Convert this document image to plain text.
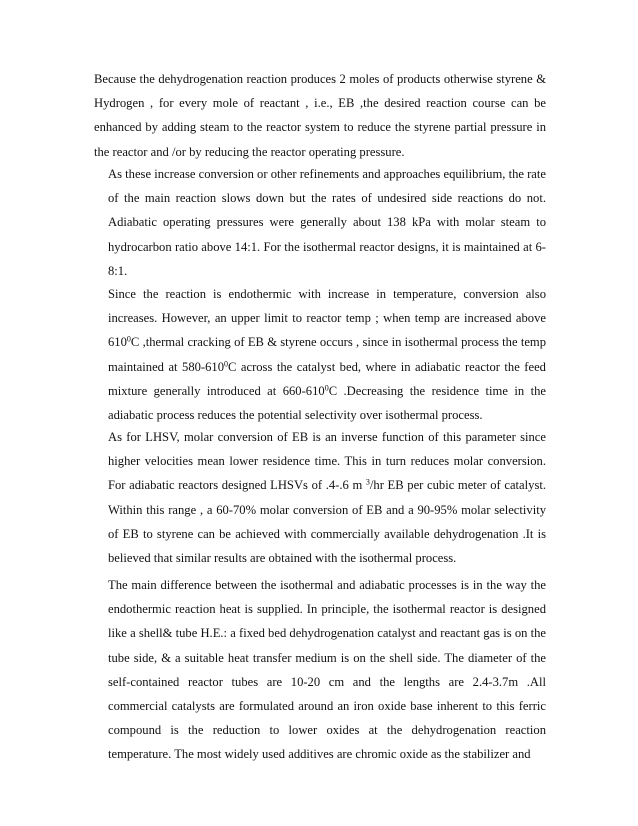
Because the dehydrogenation reaction produces 2 moles of products otherwise styrene & Hydrogen , for every mole of reactant , i.e., EB ,the desired reaction course can be enhanced by adding steam to the reactor system to reduce the styrene partial pressure in the reactor and /or by reducing the reactor operating pressure.

As these increase conversion or other refinements and approaches equilibrium, the rate of the main reaction slows down but the rates of undesired side reactions do not. Adiabatic operating pressures were generally about 138 kPa with molar steam to hydrocarbon ratio above 14:1. For the isothermal reactor designs, it is maintained at 6-8:1.

Since the reaction is endothermic with increase in temperature, conversion also increases. However, an upper limit to reactor temp ; when temp are increased above $610^0C$ ,thermal cracking of EB & styrene occurs , since in isothermal process the temp maintained at $580-610^0C$ across the catalyst bed, where in adiabatic reactor the feed mixture generally introduced at $660-610^0C$ .Decreasing the residence time in the adiabatic process reduces the potential selectivity over isothermal process.

As for LHSV, molar conversion of EB is an inverse function of this parameter since higher velocities mean lower residence time. This in turn reduces molar conversion. For adiabatic reactors designed LHSVs of .4-.6 m $^3$/hr EB per cubic meter of catalyst. Within this range , a 60-70% molar conversion of EB and a 90-95% molar selectivity of EB to styrene can be achieved with commercially available dehydrogenation .It is believed that similar results are obtained with the isothermal process.

The main difference between the isothermal and adiabatic processes is in the way the endothermic reaction heat is supplied. In principle, the isothermal reactor is designed like a shell& tube H.E.: a fixed bed dehydrogenation catalyst and reactant gas is on the tube side, & a suitable heat transfer medium is on the shell side. The diameter of the self-contained reactor tubes are 10-20 cm and the lengths are 2.4-3.7m .All commercial catalysts are formulated around an iron oxide base inherent to this ferric compound is the reduction to lower oxides at the dehydrogenation reaction temperature. The most widely used additives are chromic oxide as the stabilizer and
